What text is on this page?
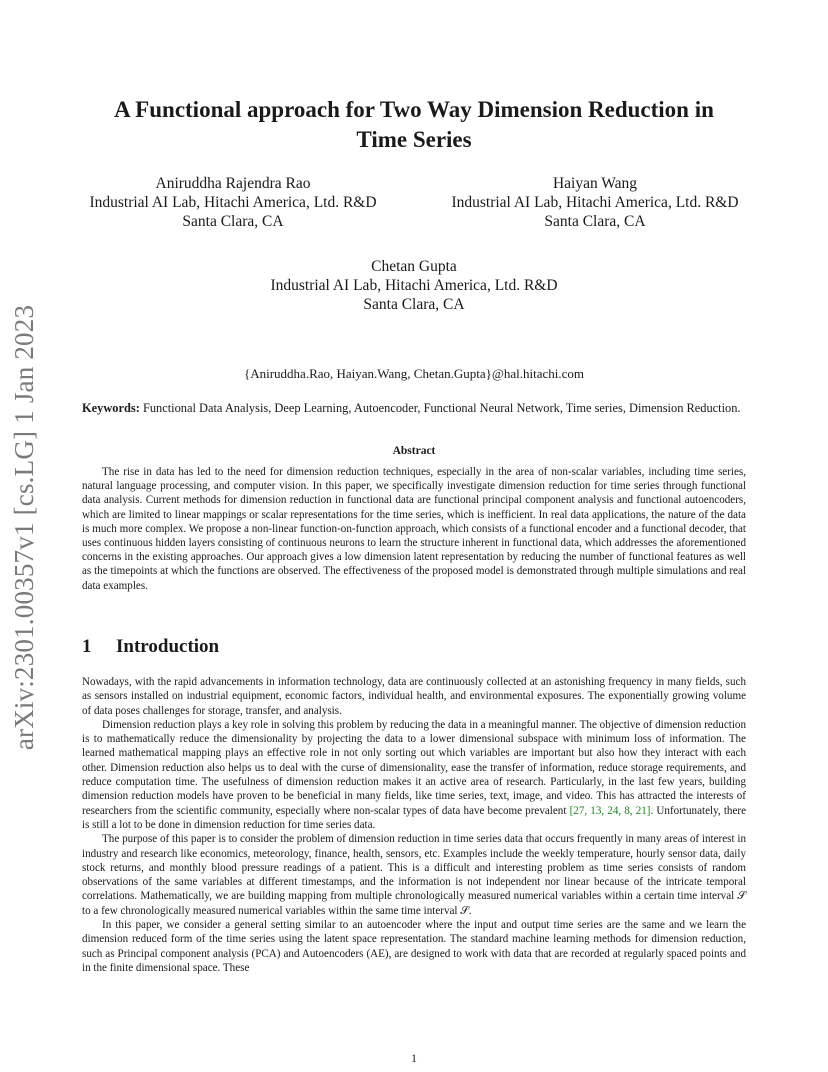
arXiv:2301.00357v1 [cs.LG] 1 Jan 2023
A Functional approach for Two Way Dimension Reduction in
Time Series
Aniruddha Rajendra Rao
Industrial AI Lab, Hitachi America, Ltd. R&D
Santa Clara, CA
Haiyan Wang
Industrial AI Lab, Hitachi America, Ltd. R&D
Santa Clara, CA
Chetan Gupta
Industrial AI Lab, Hitachi America, Ltd. R&D
Santa Clara, CA
{Aniruddha.Rao, Haiyan.Wang, Chetan.Gupta}@hal.hitachi.com
Keywords: Functional Data Analysis, Deep Learning, Autoencoder, Functional Neural Network, Time series, Dimension Reduction.
Abstract

The rise in data has led to the need for dimension reduction techniques, especially in the area of non-scalar variables, including time series, natural language processing, and computer vision. In this paper, we specifically investigate dimension reduction for time series through functional data analysis. Current methods for dimension reduction in functional data are functional principal component analysis and functional autoencoders, which are limited to linear mappings or scalar representations for the time series, which is inefficient. In real data applications, the nature of the data is much more complex. We propose a non-linear function-on-function approach, which consists of a functional encoder and a functional decoder, that uses continuous hidden layers consisting of continuous neurons to learn the structure inherent in functional data, which addresses the aforementioned concerns in the existing approaches. Our approach gives a low dimension latent representation by reducing the number of functional features as well as the timepoints at which the functions are observed. The effectiveness of the proposed model is demonstrated through multiple simulations and real data examples.

1 Introduction

Nowadays, with the rapid advancements in information technology, data are continuously collected at an astonishing frequency in many fields, such as sensors installed on industrial equipment, economic factors, individual health, and environmental exposures. The exponentially growing volume of data poses challenges for storage, transfer, and analysis.

Dimension reduction plays a key role in solving this problem by reducing the data in a meaningful manner. The objective of dimension reduction is to mathematically reduce the dimensionality by projecting the data to a lower dimensional subspace with minimum loss of information. The learned mathematical mapping plays an effective role in not only sorting out which variables are important but also how they interact with each other. Dimension reduction also helps us to deal with the curse of dimensionality, ease the transfer of information, reduce storage requirements, and reduce computation time. The usefulness of dimension reduction makes it an active area of research. Particularly, in the last few years, building dimension reduction models have proven to be beneficial in many fields, like time series, text, image, and video. This has attracted the interests of researchers from the scientific community, especially where non-scalar types of data have become prevalent [27, 13, 24, 8, 21]. Unfortunately, there is still a lot to be done in dimension reduction for time series data.

The purpose of this paper is to consider the problem of dimension reduction in time series data that occurs frequently in many areas of interest in industry and research like economics, meteorology, finance, health, sensors, etc. Examples include the weekly temperature, hourly sensor data, daily stock returns, and monthly blood pressure readings of a patient. This is a difficult and interesting problem as time series consists of random observations of the same variables at different timestamps, and the information is not independent nor linear because of the intricate temporal correlations. Mathematically, we are building mapping from multiple chronologically measured numerical variables within a certain time interval 𝒮 to a few chronologically measured numerical variables within the same time interval 𝒮.

In this paper, we consider a general setting similar to an autoencoder where the input and output time series are the same and we learn the dimension reduced form of the time series using the latent space representation. The standard machine learning methods for dimension reduction, such as Principal component analysis (PCA) and Autoencoders (AE), are designed to work with data that are recorded at regularly spaced points and in the finite dimensional space. These

1
